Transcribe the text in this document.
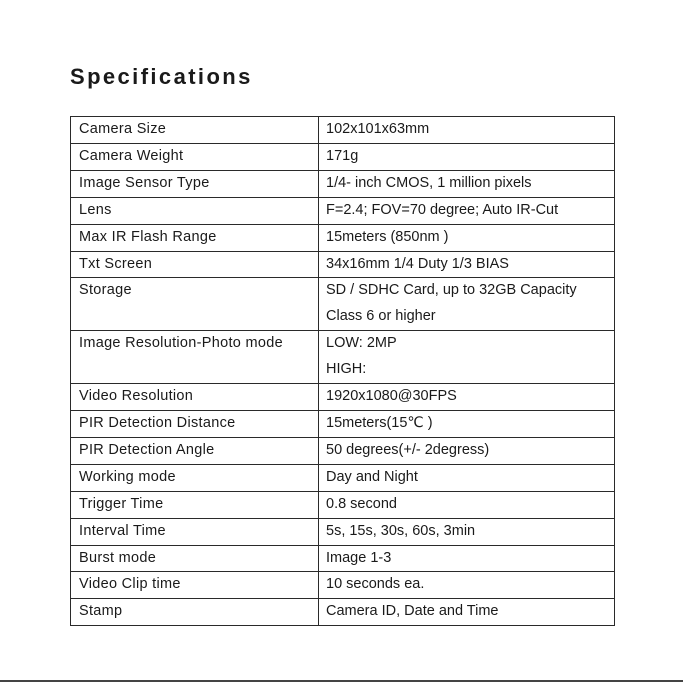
Specifications
Camera Size	102x101x63mm

Camera Weight	171g

Image Sensor Type	1/4- inch CMOS, 1 million pixels

Lens	F=2.4; FOV=70 degree; Auto IR-Cut

Max IR Flash Range	15meters (850nm )

Txt Screen	34x16mm 1/4 Duty 1/3 BIAS

Storage	SD / SDHC Card, up to 32GB Capacity
Class 6 or higher

Image Resolution-Photo mode	LOW: 2MP
HIGH:

Video Resolution	1920x1080@30FPS

PIR Detection Distance	15meters(15℃ )

PIR Detection Angle	50 degrees(+/- 2degress)

Working mode	Day and Night

Trigger Time	0.8 second

Interval Time	5s, 15s, 30s, 60s, 3min

Burst mode	Image 1-3

Video Clip time	10 seconds ea.

Stamp	Camera ID, Date and Time
